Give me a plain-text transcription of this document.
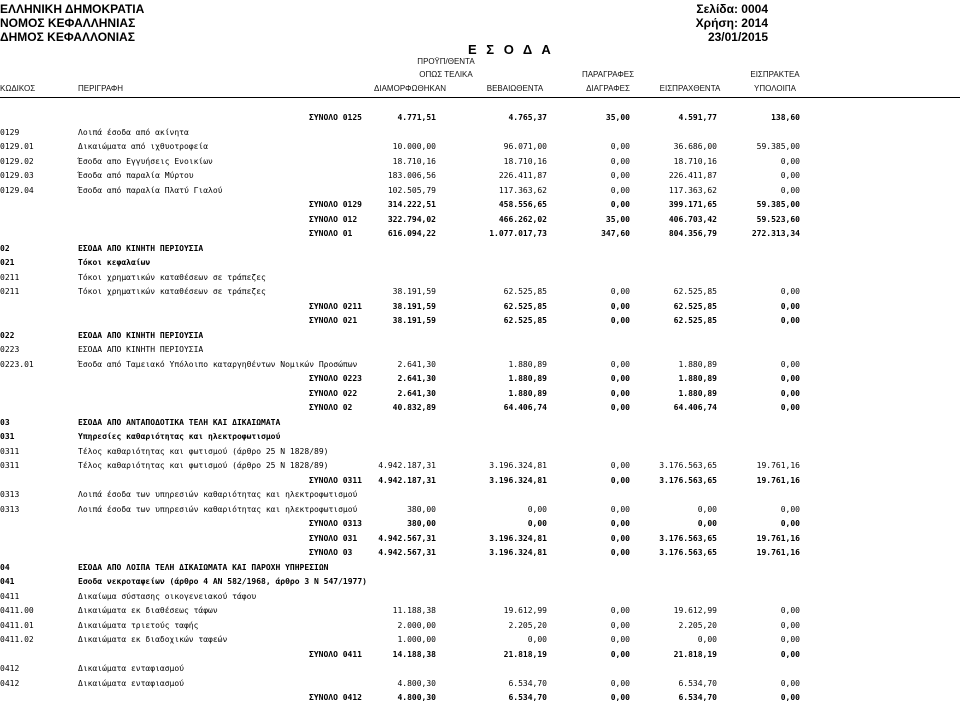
ΕΛΛΗΝΙΚΗ ΔΗΜΟΚΡΑΤΙΑ
ΝΟΜΟΣ ΚΕΦΑΛΛΗΝΙΑΣ
ΔΗΜΟΣ ΚΕΦΑΛΛΟΝΙΑΣ
Σελίδα: 0004
Χρήση: 2014
23/01/2015
Ε Σ Ο Δ Α
ΠΡΟΫΠ/ΘΕΝΤΑ
ΟΠΩΣ ΤΕΛΙΚΑ	ΠΑΡΑΓΡΑΦΕΣ	ΕΙΣΠΡΑΚΤΕΑ
ΚΩΔΙΚΟΣ	ΠΕΡΙΓΡΑΦΗ	ΔΙΑΜΟΡΦΩΘΗΚΑΝ	ΒΕΒΑΙΩΘΕΝΤΑ	ΔΙΑΓΡΑΦΕΣ	ΕΙΣΠΡΑΧΘΕΝΤΑ	ΥΠΟΛΟΙΠΑ
ΣΥΝΟΛΟ 0125	4.771,51	4.765,37	35,00	4.591,77	138,60
0129	Λοιπά έσοδα από ακίνητα
0129.01	Δικαιώματα από ιχθυοτροφεία	10.000,00	96.071,00	0,00	36.686,00	59.385,00
0129.02	Έσοδα απο Εγγυήσεις Ενοικίων	18.710,16	18.710,16	0,00	18.710,16	0,00
0129.03	Έσοδα από παραλία Μύρτου	183.006,56	226.411,87	0,00	226.411,87	0,00
0129.04	Έσοδα από παραλία Πλατύ Γιαλού	102.505,79	117.363,62	0,00	117.363,62	0,00
ΣΥΝΟΛΟ 0129	314.222,51	458.556,65	0,00	399.171,65	59.385,00
ΣΥΝΟΛΟ 012	322.794,02	466.262,02	35,00	406.703,42	59.523,60
ΣΥΝΟΛΟ 01	616.094,22	1.077.017,73	347,60	804.356,79	272.313,34
02	ΕΣΟΔΑ ΑΠΟ ΚΙΝΗΤΗ ΠΕΡΙΟΥΣΙΑ
021	Τόκοι κεφαλαίων
0211	Τόκοι χρηματικών καταθέσεων σε τράπεζες
0211	Τόκοι χρηματικών καταθέσεων σε τράπεζες	38.191,59	62.525,85	0,00	62.525,85	0,00
ΣΥΝΟΛΟ 0211	38.191,59	62.525,85	0,00	62.525,85	0,00
ΣΥΝΟΛΟ 021	38.191,59	62.525,85	0,00	62.525,85	0,00
022	ΕΣΟΔΑ ΑΠΟ ΚΙΝΗΤΗ ΠΕΡΙΟΥΣΙΑ
0223	ΕΣΟΔΑ ΑΠΟ ΚΙΝΗΤΗ ΠΕΡΙΟΥΣΙΑ
0223.01	Έσοδα από Ταμειακό Υπόλοιπο καταργηθέντων Νομικών Προσώπων	2.641,30	1.880,89	0,00	1.880,89	0,00
ΣΥΝΟΛΟ 0223	2.641,30	1.880,89	0,00	1.880,89	0,00
ΣΥΝΟΛΟ 022	2.641,30	1.880,89	0,00	1.880,89	0,00
ΣΥΝΟΛΟ 02	40.832,89	64.406,74	0,00	64.406,74	0,00
03	ΕΣΟΔΑ ΑΠΟ ΑΝΤΑΠΟΔΟΤΙΚΑ ΤΕΛΗ ΚΑΙ ΔΙΚΑΙΩΜΑΤΑ
031	Υπηρεσίες καθαριότητας και ηλεκτροφωτισμού
0311	Τέλος καθαριότητας και φωτισμού (άρθρο 25 Ν 1828/89)
0311	Τέλος καθαριότητας και φωτισμού (άρθρο 25 Ν 1828/89)	4.942.187,31	3.196.324,81	0,00	3.176.563,65	19.761,16
ΣΥΝΟΛΟ 0311 4.942.187,31	3.196.324,81	0,00	3.176.563,65	19.761,16
0313	Λοιπά έσοδα των υπηρεσιών καθαριότητας και ηλεκτροφωτισμού
0313	Λοιπά έσοδα των υπηρεσιών καθαριότητας και ηλεκτροφωτισμού	380,00	0,00	0,00	0,00	0,00
ΣΥΝΟΛΟ 0313	380,00	0,00	0,00	0,00	0,00
ΣΥΝΟΛΟ 031	4.942.567,31	3.196.324,81	0,00	3.176.563,65	19.761,16
ΣΥΝΟΛΟ 03	4.942.567,31	3.196.324,81	0,00	3.176.563,65	19.761,16
04	ΕΣΟΔΑ ΑΠΟ ΛΟΙΠΑ ΤΕΛΗ ΔΙΚΑΙΩΜΑΤΑ ΚΑΙ ΠΑΡΟΧΗ ΥΠΗΡΕΣΙΩΝ
041	Εσοδα νεκροταφείων (άρθρο 4 ΑΝ 582/1968, άρθρο 3 Ν 547/1977)
0411	Δικαίωμα σύστασης οικογενειακού τάφου
0411.00	Δικαιώματα εκ διαθέσεως τάφων	11.188,38	19.612,99	0,00	19.612,99	0,00
0411.01	Δικαιώματα τριετούς ταφής	2.000,00	2.205,20	0,00	2.205,20	0,00
0411.02	Δικαιώματα εκ διαδοχικών ταφεών	1.000,00	0,00	0,00	0,00	0,00
ΣΥΝΟΛΟ 0411	14.188,38	21.818,19	0,00	21.818,19	0,00
0412	Δικαιώματα ενταφιασμού
0412	Δικαιώματα ενταφιασμού	4.800,30	6.534,70	0,00	6.534,70	0,00
ΣΥΝΟΛΟ 0412	4.800,30	6.534,70	0,00	6.534,70	0,00
